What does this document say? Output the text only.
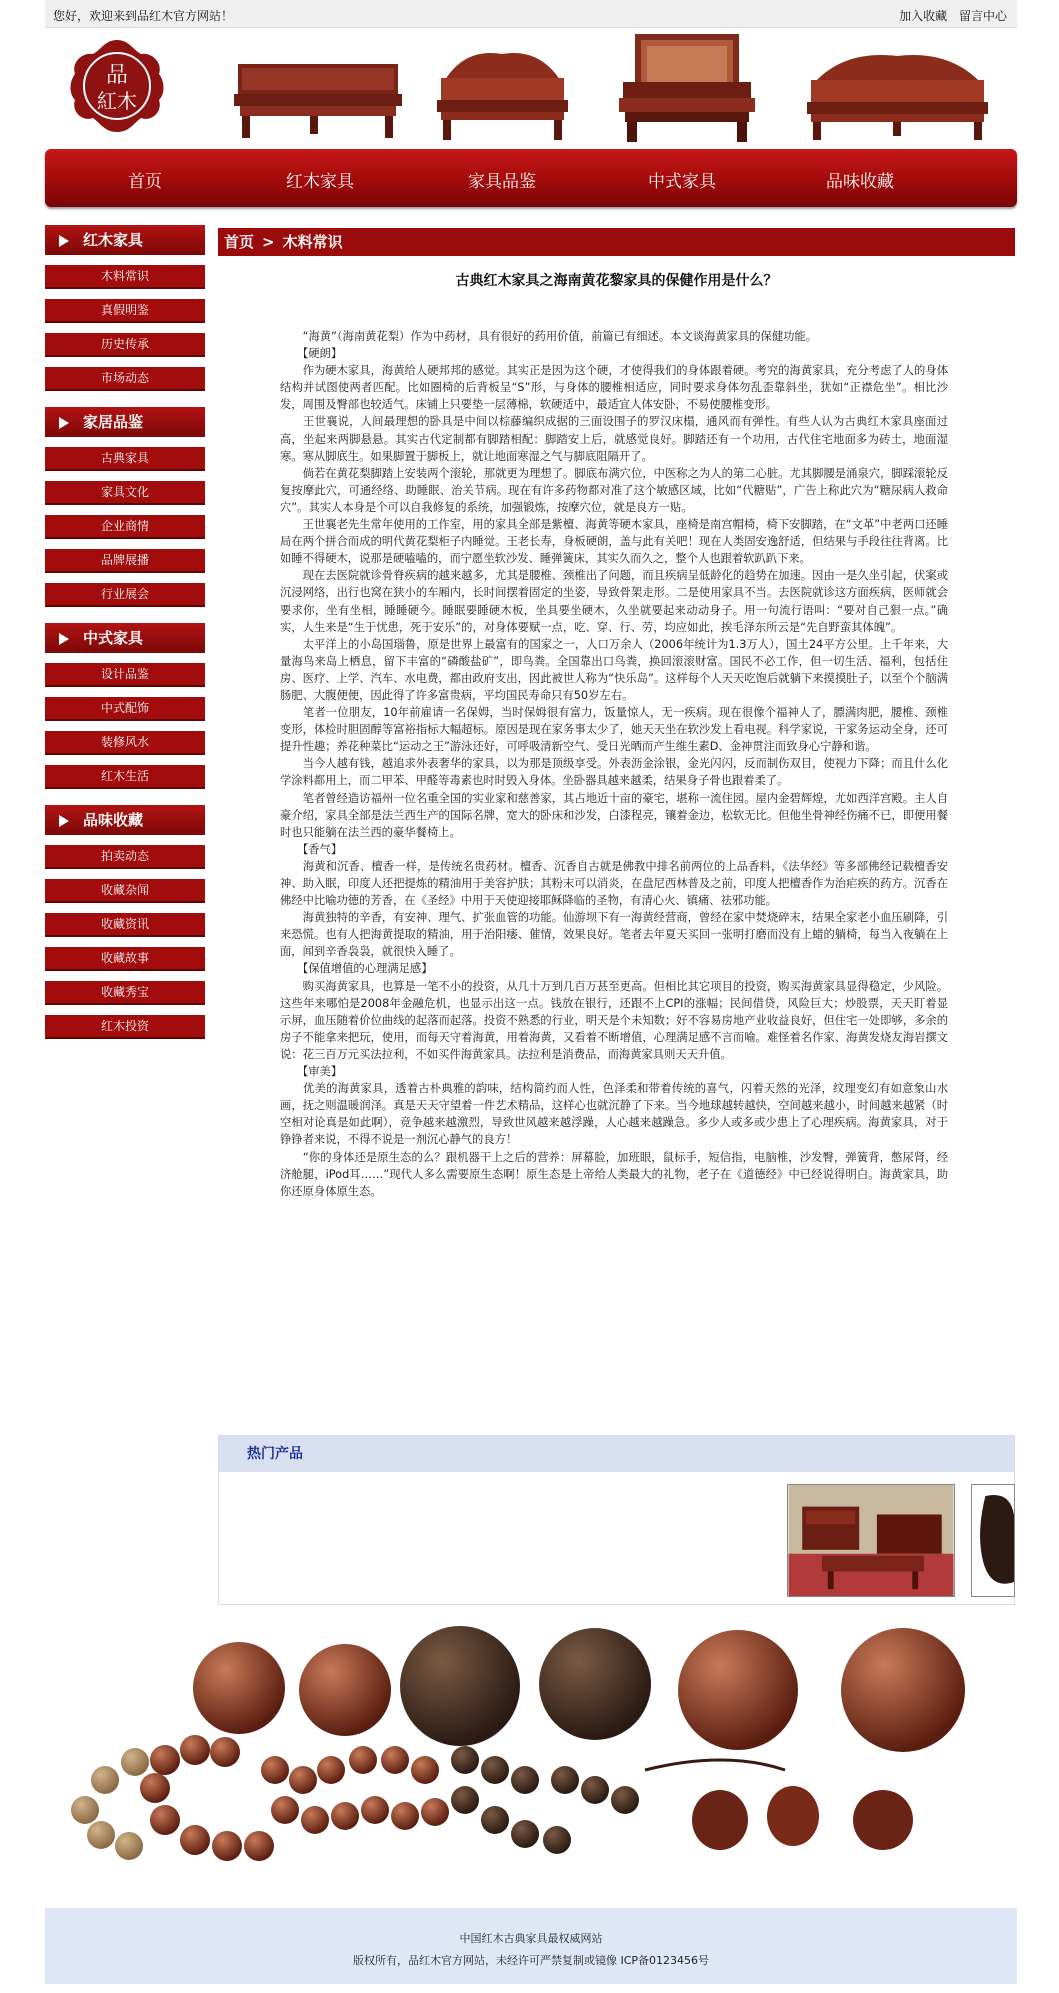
您好，欢迎来到品红木官方网站！	加入收藏 留言中心
品
紅木
首页	红木家具	家具品鉴	中式家具	品味收藏
红木家具
木料常识
真假明鉴
历史传承
市场动态
家居品鉴
古典家具
家具文化
企业商情
品牌展播
行业展会
中式家具
设计品鉴
中式配饰
装修风水
红木生活
品味收藏
拍卖动态
收藏杂闻
收藏资讯
收藏故事
收藏秀宝
红木投资
首页 > 木料常识
古典红木家具之海南黄花黎家具的保健作用是什么？

　　“海黄”（海南黄花梨）作为中药材，具有很好的药用价值，前篇已有细述。本文谈海黄家具的保健功能。

　　【硬朗】

　　作为硬木家具，海黄给人硬邦邦的感觉。其实正是因为这个硬，才使得我们的身体跟着硬。考究的海黄家具，充分考虑了人的身体结构并试图使两者匹配。比如圈椅的后背板呈“S”形，与身体的腰椎相适应，同时要求身体勿乱歪靠斜坐，犹如“正襟危坐”。相比沙发，周围及臀部也较适气。床铺上只要垫一层薄棉，软硬适中，最适宜人体安卧，不易使腰椎变形。

　　王世襄说，人间最理想的卧具是中间以棕藤编织成据的三面设围子的罗汉床榻，通风而有弹性。有些人认为古典红木家具座面过高，坐起来两脚悬悬。其实古代定制都有脚踏相配：脚踏安上后，就感觉良好。脚踏还有一个功用，古代住宅地面多为砖土，地面湿寒。寒从脚底生。如果脚置于脚板上，就让地面寒湿之气与脚底阻隔开了。

　　倘若在黄花梨脚踏上安装两个滚轮，那就更为理想了。脚底布满穴位，中医称之为人的第二心脏。尤其脚腰是涌泉穴，脚踩滚轮反复按摩此穴，可通经络、助睡眠、治关节病。现在有许多药物都对准了这个敏感区域，比如“代糖贴”，广告上称此穴为“糖尿病人救命穴”。其实人本身是个可以自我修复的系统，加强锻炼，按摩穴位，就是良方一贴。

　　王世襄老先生常年使用的工作室，用的家具全部是紫檀、海黄等硬木家具，座椅是南宫帽椅，椅下安脚踏，在“文革”中老两口还睡局在两个拼合而成的明代黄花梨柜子内睡觉。王老长寿，身板硬朗，盖与此有关吧！现在人类固安逸舒适，但结果与手段往往背离。比如睡不得硬木，说那是硬嗑嗑的，而宁愿坐软沙发、睡弹簧床，其实久而久之，整个人也跟着软趴趴下来。

　　现在去医院就诊骨脊疾病的越来越多，尤其是腰椎、颈椎出了问题，而且疾病呈低龄化的趋势在加速。因由一是久坐引起，伏案或沉浸网络，出行也窝在狭小的车厢内，长时间摆着固定的坐姿，导致骨架走形。二是使用家具不当。去医院就诊这方面疾病，医师就会要求你，坐有坐相，睡睡硬今。睡眠要睡硬木板，坐具要坐硬木，久坐就要起来动动身子。用一句流行语叫：“要对自己狠一点。”确实，人生来是“生于忧患，死于安乐”的，对身体要赋一点，吃、穿、行、劳，均应如此，挨毛泽东所云是“先自野蛮其体魄”。

　　太平洋上的小岛国瑙鲁，原是世界上最富有的国家之一，人口万余人（2006年统计为1.3万人），国土24平方公里。上千年来，大量海鸟来岛上栖息，留下丰富的“磷酸盐矿”，即鸟粪。全国靠出口鸟粪，换回滚滚财富。国民不必工作，但一切生活、福利，包括住房、医疗、上学、汽车、水电费，都由政府支出，因此被世人称为“快乐岛”。这样每个人天天吃饱后就躺下来摸摸肚子，以至个个脑满肠肥、大腹便便，因此得了许多富贵病，平均国民寿命只有50岁左右。

　　笔者一位朋友，10年前雇请一名保姆，当时保姆很有富力，饭量惊人，无一疾病。现在很像个福神人了，膘满肉肥，腰椎、颈椎变形，体检时胆固醇等富裕指标大幅超标。原因是现在家务事太少了，她天天坐在软沙发上看电视。科学家说，干家务运动全身，还可提升性趣；养花种菜比“运动之王”游泳还好，可呼吸清新空气、受日光晒而产生维生素D、金神贯注而致身心宁静和谐。

　　当今人越有钱，越追求外表奢华的家具，以为那是顶级享受。外表沥金涂银，金光闪闪，反而制伤双目，使视力下降；而且什么化学涂料都用上，而二甲苯、甲醛等毒素也时时毁入身体。坐卧器具越来越柔，结果身子骨也跟着柔了。

　　笔者曾经造访福州一位名重全国的实业家和慈善家，其占地近十亩的豪宅，堪称一流住园。屋内金碧辉煌，尤如西洋宫殿。主人自豪介绍，家具全部是法兰西生产的国际名牌，宽大的卧床和沙发，白漆程亮，镶着金边，松软无比。但他坐骨神经伤痛不已，即便用餐时也只能躺在法兰西的豪华餐椅上。

　　【香气】

　　海黄和沉香、檀香一样，是传统名贵药材。檀香、沉香自古就是佛教中排名前两位的上品香料，《法华经》等多部佛经记载檀香安神、助入眠，印度人还把提炼的精油用于美容护肤；其粉末可以消炎，在盘尼西林普及之前，印度人把檀香作为治疟疾的药方。沉香在佛经中比喻功德的芳香，在《圣经》中用于天使迎接耶稣降临的圣物，有清心火、镇痛、祛邪功能。

　　海黄独特的辛香，有安神、理气、扩张血管的功能。仙游坝下有一海黄经营商，曾经在家中焚烧碎末，结果全家老小血压刷降，引来恐慌。也有人把海黄提取的精油，用于治阳痿、催情，效果良好。笔者去年夏天买回一张明打磨而没有上蜡的躺椅，每当入夜躺在上面，闻到辛香袅袅，就很快入睡了。

　　【保值增值的心理满足感】

　　购买海黄家具，也算是一笔不小的投资，从几十万到几百万甚至更高。但相比其它项目的投资，购买海黄家具显得稳定，少风险。这些年来哪怕是2008年金融危机，也显示出这一点。钱放在银行，还跟不上CPI的涨幅；民间借贷，风险巨大；炒股票，天天盯着显示屏，血压随着价位曲线的起落而起落。投资不熟悉的行业，明天是个未知数；好不容易房地产业收益良好，但住宅一处即够，多余的房子不能拿来把玩，使用，而每天守着海黄，用着海黄，又看着不断增值，心理满足感不言而喻。难怪着名作家、海黄发烧友海岩撰文说：花三百万元买法拉利，不如买件海黄家具。法拉利是消费品，而海黄家具则天天升值。

　　【审美】

　　优美的海黄家具，透着古朴典雅的韵味，结构简约而人性，色泽柔和带着传统的喜气，闪着天然的光泽，纹理变幻有如意象山水画，抚之则温暖润泽。真是天天守望着一件艺术精品，这样心也就沉静了下来。当今地球越转越快，空间越来越小，时间越来越紧（时空相对论真是如此啊），竞争越来越激烈，导致世风越来越浮躁，人心越来越躁急。多少人或多或少患上了心理疾病。海黄家具，对于铮铮者来说，不得不说是一剂沉心静气的良方！

　　“你的身体还是原生态的么？跟机器干上之后的营养：屏幕脸，加班眼，鼠标手，短信指，电脑椎，沙发臀，弹簧背，憋尿肾，经济舱腿，iPod耳……”现代人多么需要原生态啊！原生态是上帝给人类最大的礼物，老子在《道德经》中已经说得明白。海黄家具，助你还原身体原生态。

热门产品
中国红木古典家具最权威网站
版权所有，品红木官方网站，未经许可严禁复制或镜像 ICP备0123456号
